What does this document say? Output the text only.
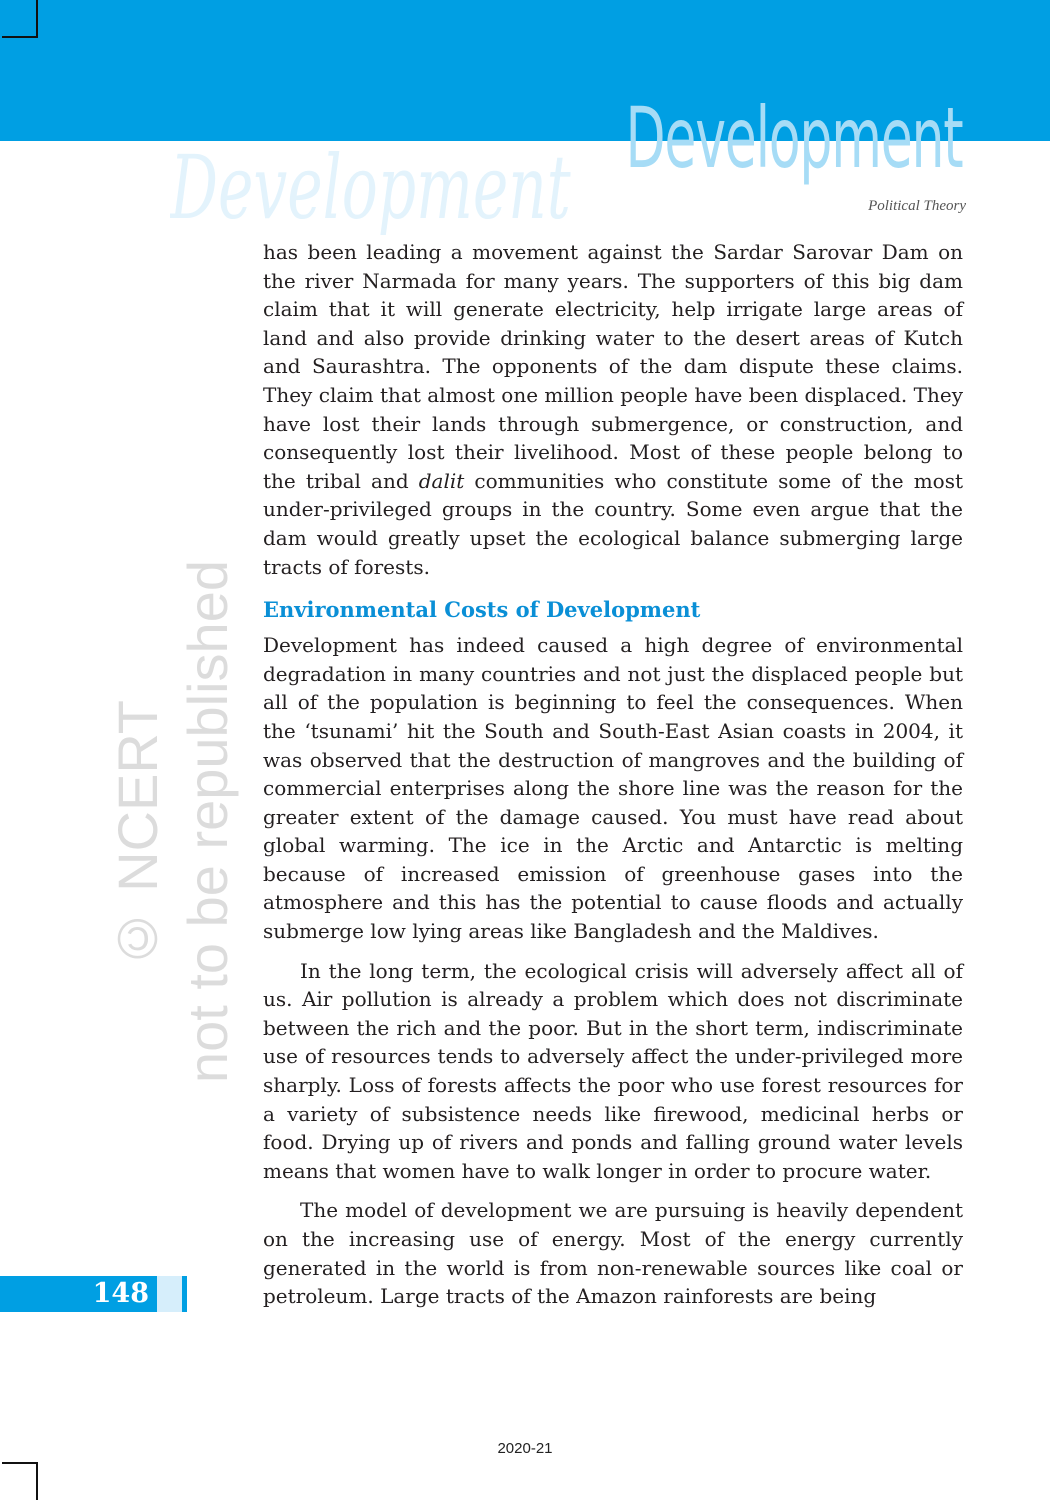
Development Development
Political Theory
© NCERT not to be republished

has been leading a movement against the Sardar Sarovar Dam on the river Narmada for many years. The supporters of this big dam claim that it will generate electricity, help irrigate large areas of land and also provide drinking water to the desert areas of Kutch and Saurashtra. The opponents of the dam dispute these claims. They claim that almost one million people have been displaced. They have lost their lands through submergence, or construction, and consequently lost their livelihood. Most of these people belong to the tribal and dalit communities who constitute some of the most under-privileged groups in the country. Some even argue that the dam would greatly upset the ecological balance submerging large tracts of forests.

Environmental Costs of Development

Development has indeed caused a high degree of environmental degradation in many countries and not just the displaced people but all of the population is beginning to feel the consequences. When the ‘tsunami’ hit the South and South-East Asian coasts in 2004, it was observed that the destruction of mangroves and the building of commercial enterprises along the shore line was the reason for the greater extent of the damage caused. You must have read about global warming. The ice in the Arctic and Antarctic is melting because of increased emission of greenhouse gases into the atmosphere and this has the potential to cause floods and actually submerge low lying areas like Bangladesh and the Maldives.

In the long term, the ecological crisis will adversely affect all of us. Air pollution is already a problem which does not discriminate between the rich and the poor. But in the short term, indiscriminate use of resources tends to adversely affect the under-privileged more sharply. Loss of forests affects the poor who use forest resources for a variety of subsistence needs like firewood, medicinal herbs or food. Drying up of rivers and ponds and falling ground water levels means that women have to walk longer in order to procure water.

The model of development we are pursuing is heavily dependent on the increasing use of energy. Most of the energy currently generated in the world is from non-renewable sources like coal or petroleum. Large tracts of the Amazon rainforests are being

148
2020-21
